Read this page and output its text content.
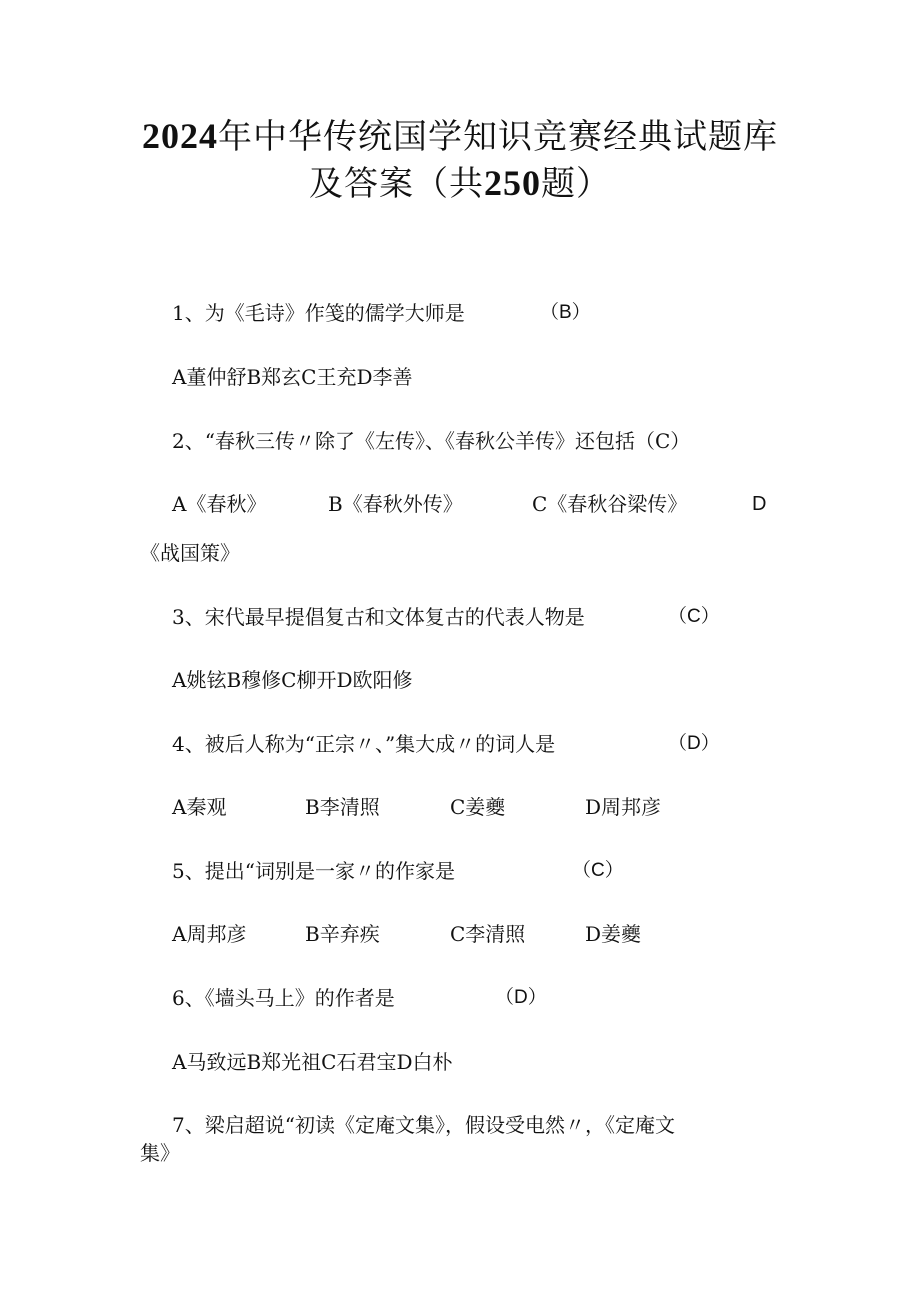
2024年中华传统国学知识竞赛经典试题库
及答案（共250题）
1、为《毛诗》作笺的儒学大师是	（B）
A董仲舒B郑玄C王充D李善
2、“春秋三传〃除了《左传》、《春秋公羊传》还包括（C）
A《春秋》	B《春秋外传》	C《春秋谷梁传》	D
《战国策》
3、宋代最早提倡复古和文体复古的代表人物是	（C）
A姚铉B穆修C柳开D欧阳修
4、被后人称为“正宗〃、”集大成〃的词人是	（D）
A秦观	B李清照	C姜夔	D周邦彦
5、提出“词别是一家〃的作家是	（C）
A周邦彦	B辛弃疾	C李清照	D姜夔
6、《墙头马上》的作者是	（D）
A马致远B郑光祖C石君宝D白朴
7、梁启超说“初读《定庵文集》，假设受电然〃，《定庵文
集》
